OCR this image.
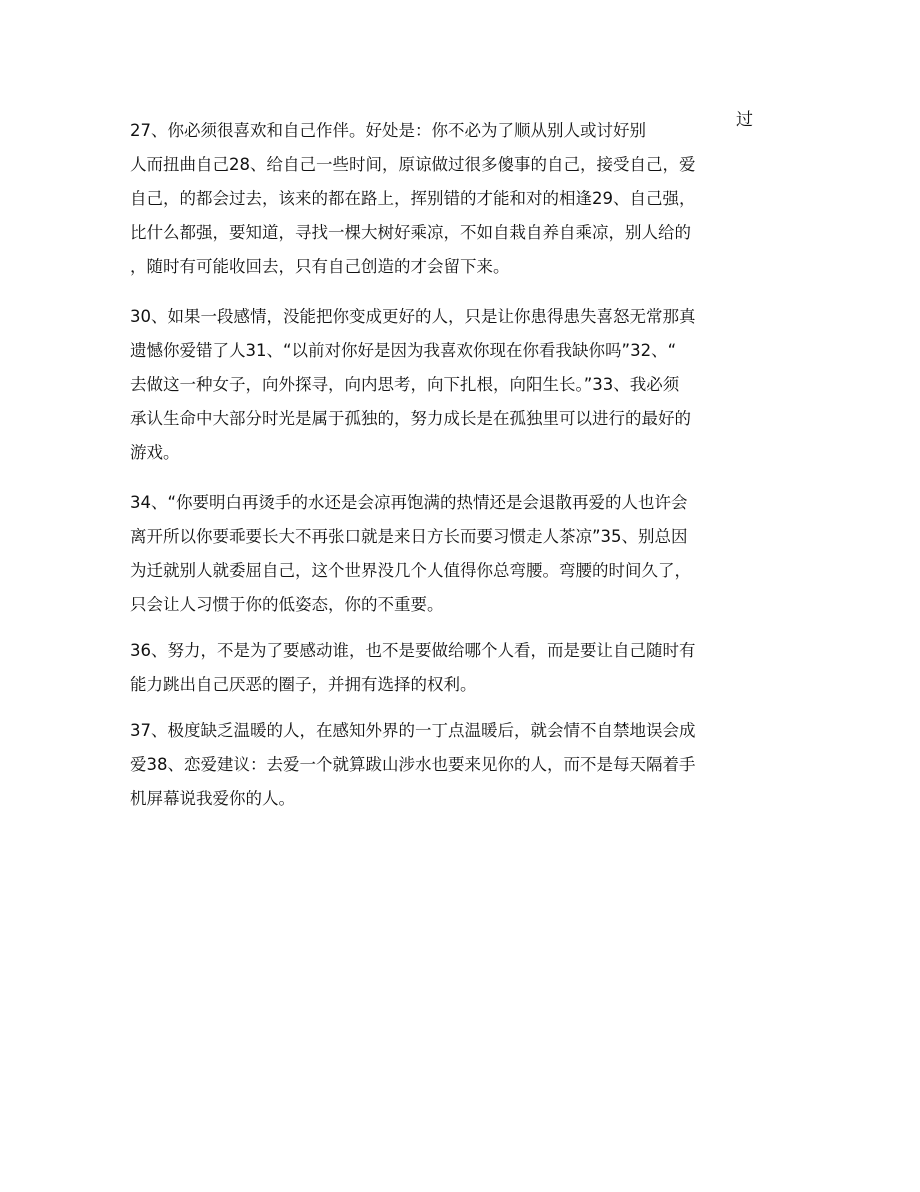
过

27、你必须很喜欢和自己作伴。好处是：你不必为了顺从别人或讨好别
人而扭曲自己28、给自己一些时间，原谅做过很多傻事的自己，接受自己，爱
自己，的都会过去，该来的都在路上，挥别错的才能和对的相逢29、自己强，
比什么都强，要知道，寻找一棵大树好乘凉，不如自栽自养自乘凉，别人给的
，随时有可能收回去，只有自己创造的才会留下来。

30、如果一段感情，没能把你变成更好的人，只是让你患得患失喜怒无常那真
遗憾你爱错了人31、“以前对你好是因为我喜欢你现在你看我缺你吗”32、“
去做这一种女子，向外探寻，向内思考，向下扎根，向阳生长。”33、我必须
承认生命中大部分时光是属于孤独的，努力成长是在孤独里可以进行的最好的
游戏。

34、“你要明白再烫手的水还是会凉再饱满的热情还是会退散再爱的人也许会
离开所以你要乖要长大不再张口就是来日方长而要习惯走人茶凉”35、别总因
为迁就别人就委屈自己，这个世界没几个人值得你总弯腰。弯腰的时间久了，
只会让人习惯于你的低姿态，你的不重要。

36、努力，不是为了要感动谁，也不是要做给哪个人看，而是要让自己随时有
能力跳出自己厌恶的圈子，并拥有选择的权利。

37、极度缺乏温暖的人，在感知外界的一丁点温暖后，就会情不自禁地误会成
爱38、恋爱建议：去爱一个就算跋山涉水也要来见你的人，而不是每天隔着手
机屏幕说我爱你的人。
